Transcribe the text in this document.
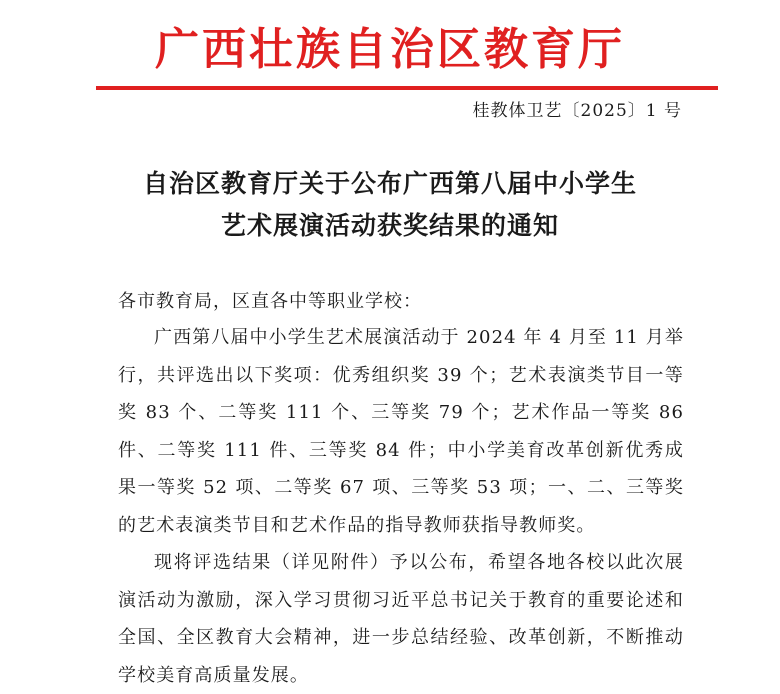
广西壮族自治区教育厅
桂教体卫艺〔2025〕1 号
自治区教育厅关于公布广西第八届中小学生
艺术展演活动获奖结果的通知
各市教育局，区直各中等职业学校：

广西第八届中小学生艺术展演活动于 2024 年 4 月至 11 月举行，共评选出以下奖项：优秀组织奖 39 个；艺术表演类节目一等奖 83 个、二等奖 111 个、三等奖 79 个；艺术作品一等奖 86 件、二等奖 111 件、三等奖 84 件；中小学美育改革创新优秀成果一等奖 52 项、二等奖 67 项、三等奖 53 项；一、二、三等奖的艺术表演类节目和艺术作品的指导教师获指导教师奖。

现将评选结果（详见附件）予以公布，希望各地各校以此次展演活动为激励，深入学习贯彻习近平总书记关于教育的重要论述和全国、全区教育大会精神，进一步总结经验、改革创新，不断推动学校美育高质量发展。
